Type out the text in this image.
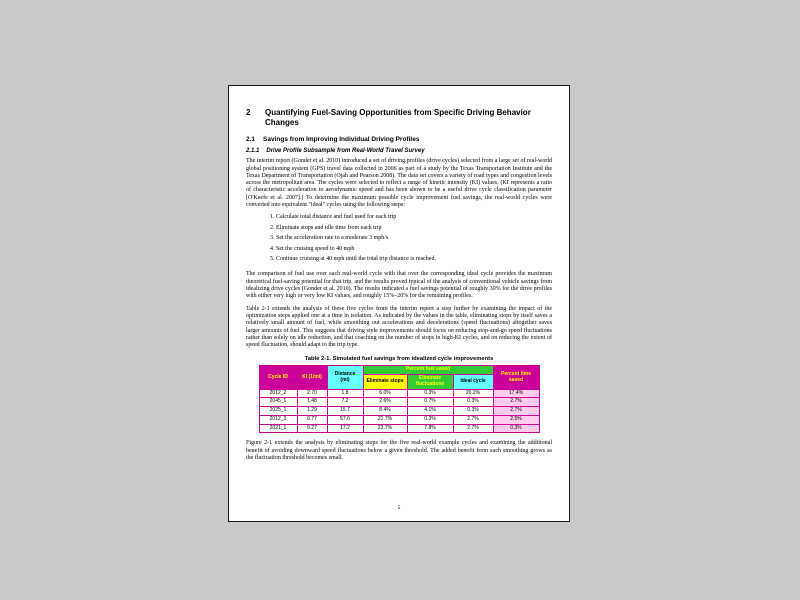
2	Quantifying Fuel-Saving Opportunities from Specific Driving Behavior Changes
2.1 Savings from Improving Individual Driving Profiles
2.1.1 Drive Profile Subsample from Real-World Travel Survey

The interim report (Gonder et al. 2010) introduced a set of driving profiles (drive cycles) selected from a large set of real-world global positioning system (GPS) travel data collected in 2006 as part of a study by the Texas Transportation Institute and the Texas Department of Transportation (Ojah and Pearson 2008). The data set covers a variety of road types and congestion levels across the metropolitan area. The cycles were selected to reflect a range of kinetic intensity (KI) values. (KI represents a ratio of characteristic acceleration to aerodynamic speed and has been shown to be a useful drive cycle classification parameter [O'Keefe et al. 2007].) To determine the maximum possible cycle improvement fuel savings, the real-world cycles were converted into equivalent "ideal" cycles using the following steps:

1. Calculate total distance and fuel used for each trip
2. Eliminate stops and idle time from each trip
3. Set the acceleration rate to a moderate 3 mph/s
4. Set the cruising speed to 40 mph
5. Continue cruising at 40 mph until the total trip distance is reached.

The comparison of fuel use over each real-world cycle with that over the corresponding ideal cycle provides the maximum theoretical fuel-saving potential for that trip, and the results proved typical of the analysis of conventional vehicle savings from idealizing drive cycles (Gonder et al. 2010). The results indicated a fuel savings potential of roughly 30% for the drive profiles with either very high or very low KI values, and roughly 15%–20% for the remaining profiles.

Table 2-1 extends the analysis of these five cycles from the interim report a step further by examining the impact of the optimization steps applied one at a time in isolation. As indicated by the values in the table, eliminating stops by itself saves a relatively small amount of fuel, while smoothing out accelerations and decelerations (speed fluctuations) altogether saves larger amounts of fuel. This suggests that driving style improvements should focus on reducing stop-and-go speed fluctuations rather than solely on idle reduction, and that coaching on the number of stops in high-KI cycles, and on reducing the extent of speed fluctuation, should adapt to the trip type.

Table 2-1. Simulated fuel savings from idealized cycle improvements
Cycle ID	KI (1/mi)	Distance (mi)	Percent fuel saved			Percent time saved
			Eliminate stops	Eliminate fluctuations	Ideal cycle	
2012_2	2.70	1.8	6.0%	0.3%	20.2%	17.4%
2045_1	1.48	7.2	2.6%	0.7%	0.3%	2.7%
2025_1	1.29	15.7	8.4%	4.1%	0.3%	2.7%
2012_3	0.77	57.6	21.7%	0.3%	2.7%	2.5%
2021_1	0.27	17.2	23.7%	7.8%	2.7%	0.3%

Figure 2-1 extends the analysis by eliminating stops for the five real-world example cycles and examining the additional benefit of avoiding downward speed fluctuations below a given threshold. The added benefit from such smoothing grows as the fluctuation threshold becomes small.

5
